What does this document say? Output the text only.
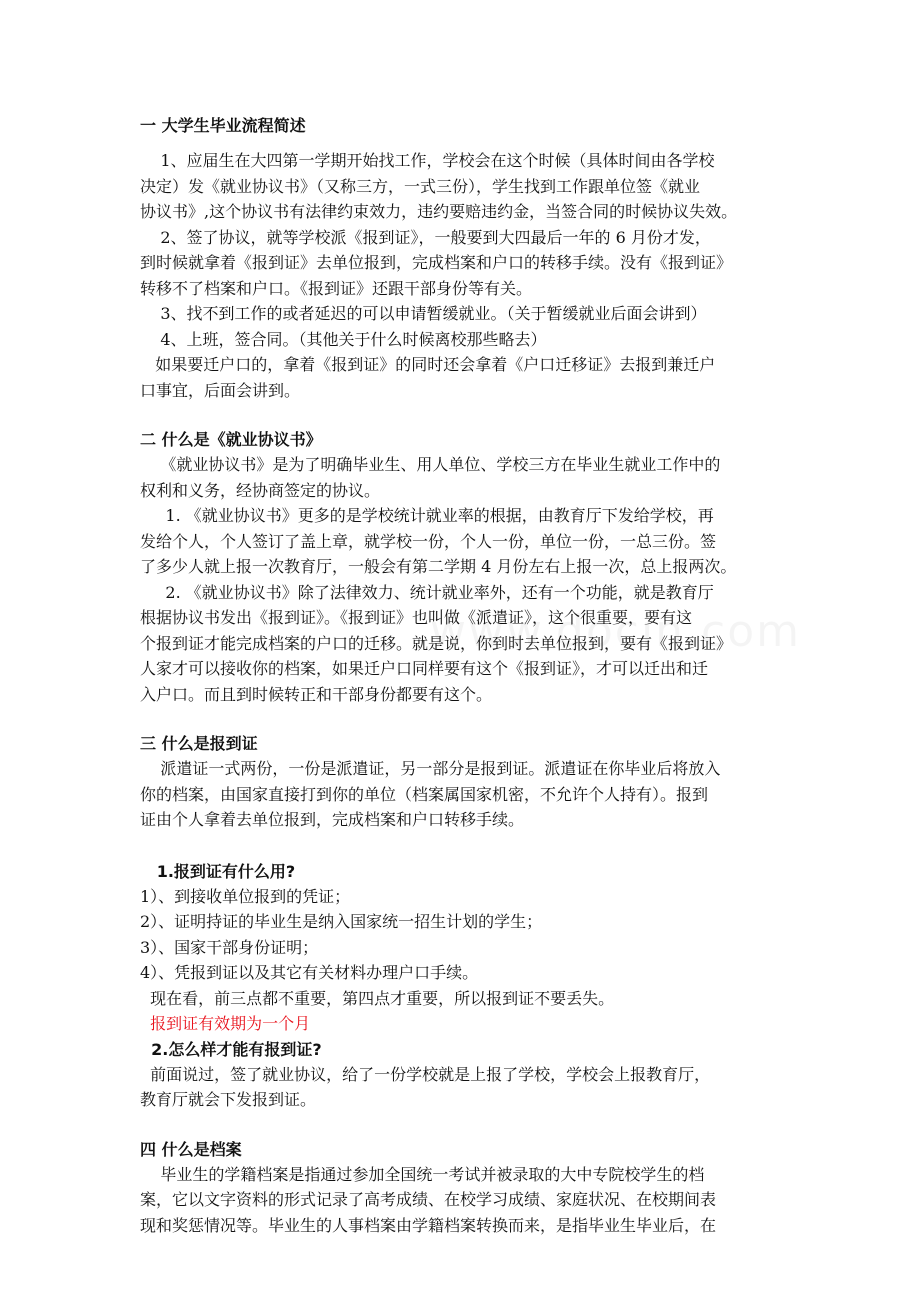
一 大学生毕业流程简述
1、应届生在大四第一学期开始找工作，学校会在这个时候（具体时间由各学校
决定）发《就业协议书》（又称三方，一式三份），学生找到工作跟单位签《就业
协议书》,这个协议书有法律约束效力，违约要赔违约金，当签合同的时候协议失效。
2、签了协议，就等学校派《报到证》，一般要到大四最后一年的 6 月份才发，
到时候就拿着《报到证》去单位报到，完成档案和户口的转移手续。没有《报到证》
转移不了档案和户口。《报到证》还跟干部身份等有关。
3、找不到工作的或者延迟的可以申请暂缓就业。（关于暂缓就业后面会讲到）
4、上班，签合同。（其他关于什么时候离校那些略去）
如果要迁户口的，拿着《报到证》的同时还会拿着《户口迁移证》去报到兼迁户
口事宜，后面会讲到。
二 什么是《就业协议书》
《就业协议书》是为了明确毕业生、用人单位、学校三方在毕业生就业工作中的
权利和义务，经协商签定的协议。
1. 《就业协议书》更多的是学校统计就业率的根据，由教育厅下发给学校，再
发给个人，个人签订了盖上章，就学校一份，个人一份，单位一份，一总三份。签
了多少人就上报一次教育厅，一般会有第二学期 4 月份左右上报一次，总上报两次。
2. 《就业协议书》除了法律效力、统计就业率外，还有一个功能，就是教育厅
根据协议书发出《报到证》。《报到证》也叫做《派遣证》，这个很重要，要有这
个报到证才能完成档案的户口的迁移。就是说，你到时去单位报到，要有《报到证》
人家才可以接收你的档案，如果迁户口同样要有这个《报到证》，才可以迁出和迁
入户口。而且到时候转正和干部身份都要有这个。
三 什么是报到证
派遣证一式两份，一份是派遣证，另一部分是报到证。派遣证在你毕业后将放入
你的档案，由国家直接打到你的单位（档案属国家机密，不允许个人持有）。报到
证由个人拿着去单位报到，完成档案和户口转移手续。
1.报到证有什么用?
1）、到接收单位报到的凭证；
2）、证明持证的毕业生是纳入国家统一招生计划的学生；
3）、国家干部身份证明；
4）、凭报到证以及其它有关材料办理户口手续。
现在看，前三点都不重要，第四点才重要，所以报到证不要丢失。
报到证有效期为一个月
2.怎么样才能有报到证?
前面说过，签了就业协议，给了一份学校就是上报了学校，学校会上报教育厅，
教育厅就会下发报到证。
四 什么是档案
毕业生的学籍档案是指通过参加全国统一考试并被录取的大中专院校学生的档
案，它以文字资料的形式记录了高考成绩、在校学习成绩、家庭状况、在校期间表
现和奖惩情况等。毕业生的人事档案由学籍档案转换而来，是指毕业生毕业后，在
